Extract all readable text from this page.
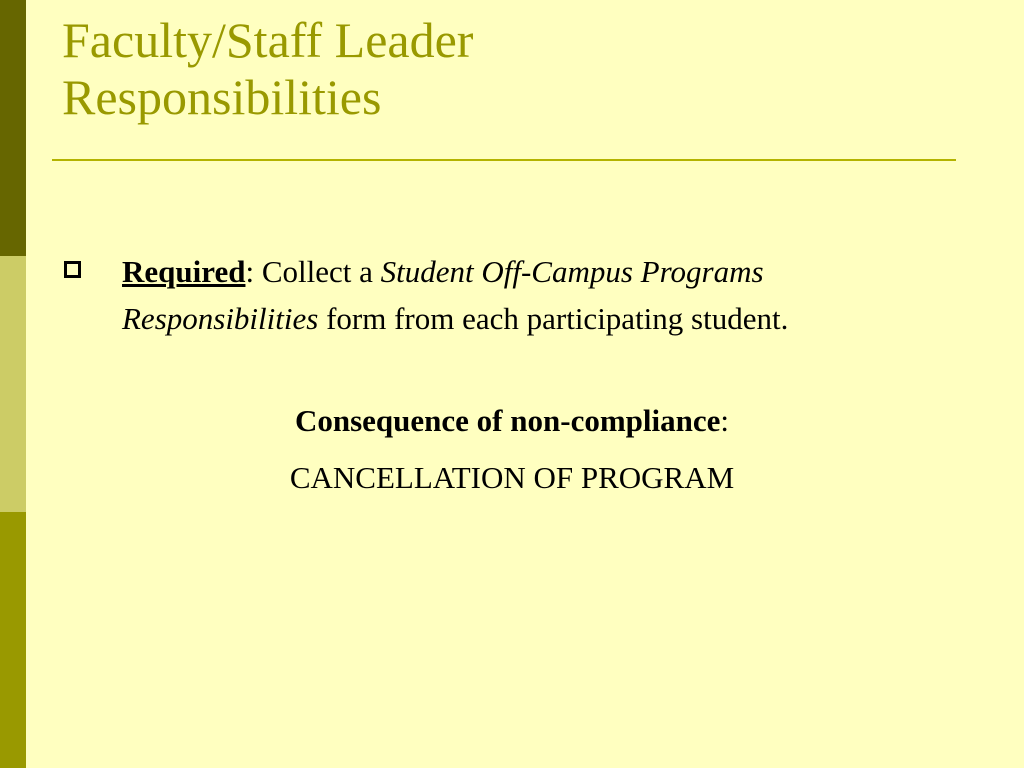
Faculty/Staff Leader
Responsibilities
Required: Collect a Student Off-Campus Programs Responsibilities form from each participating student.
Consequence of non-compliance:
CANCELLATION OF PROGRAM
